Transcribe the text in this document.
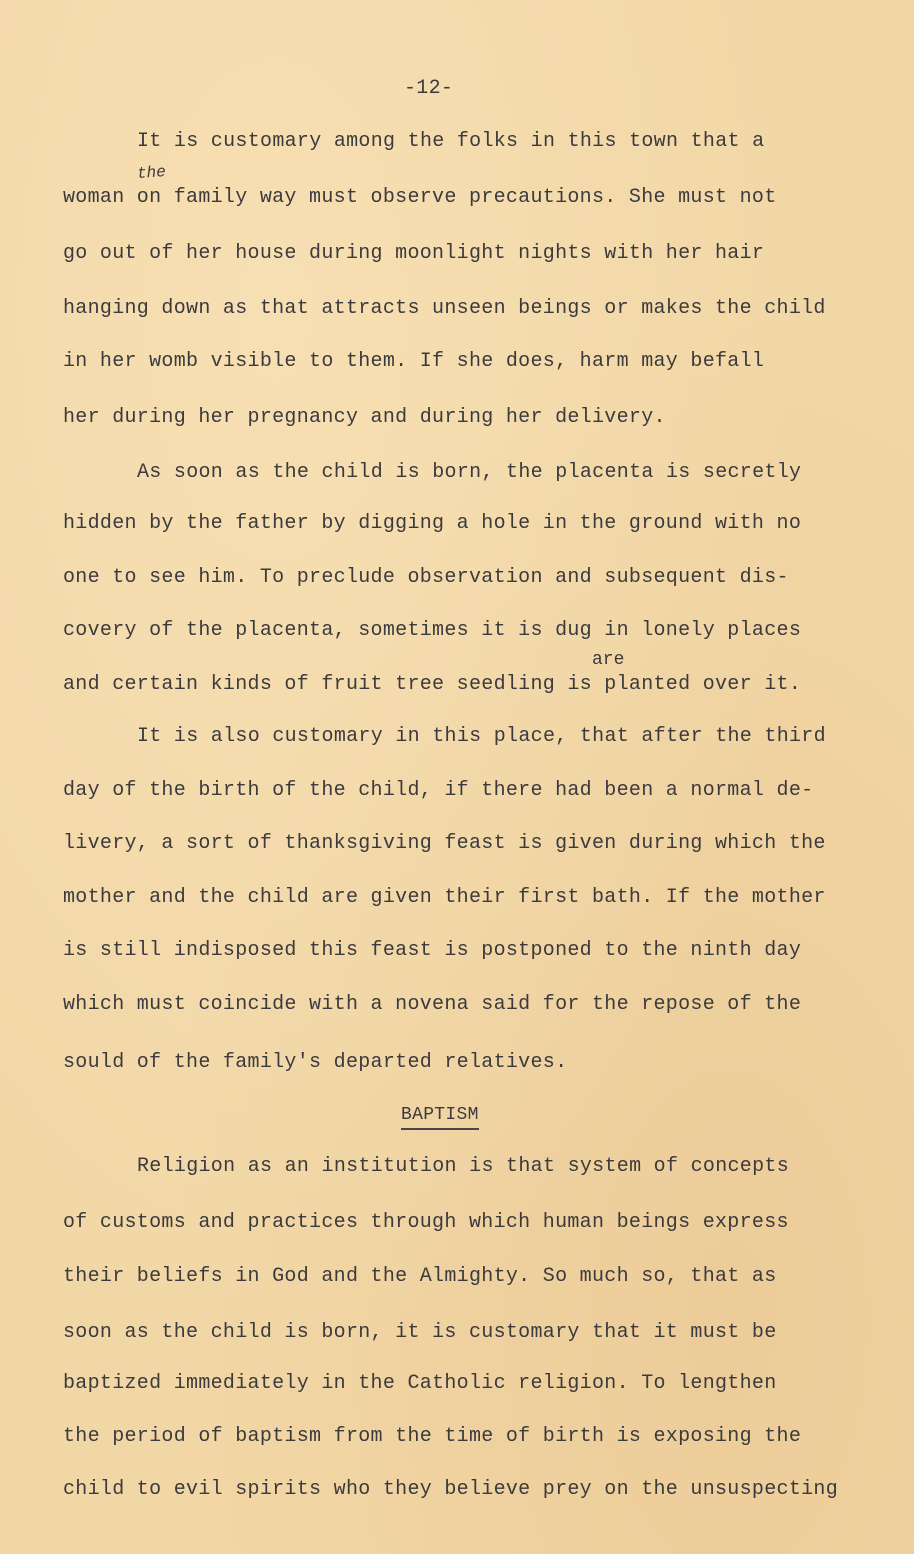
-12-

the

It is customary among the folks in this town that a

woman on family way must observe precautions. She must not

go out of her house during moonlight nights with her hair

hanging down as that attracts unseen beings or makes the child

in her womb visible to them. If she does, harm may befall

her during her pregnancy and during her delivery.

As soon as the child is born, the placenta is secretly

hidden by the father by digging a hole in the ground with no

one to see him. To preclude observation and subsequent dis-

covery of the placenta, sometimes it is dug in lonely places

are

and certain kinds of fruit tree seedling is planted over it.

It is also customary in this place, that after the third

day of the birth of the child, if there had been a normal de-

livery, a sort of thanksgiving feast is given during which the

mother and the child are given their first bath. If the mother

is still indisposed this feast is postponed to the ninth day

which must coincide with a novena said for the repose of the

sould of the family's departed relatives.

BAPTISM

Religion as an institution is that system of concepts

of customs and practices through which human beings express

their beliefs in God and the Almighty. So much so, that as

soon as the child is born, it is customary that it must be

baptized immediately in the Catholic religion. To lengthen

the period of baptism from the time of birth is exposing the

child to evil spirits who they believe prey on the unsuspecting
